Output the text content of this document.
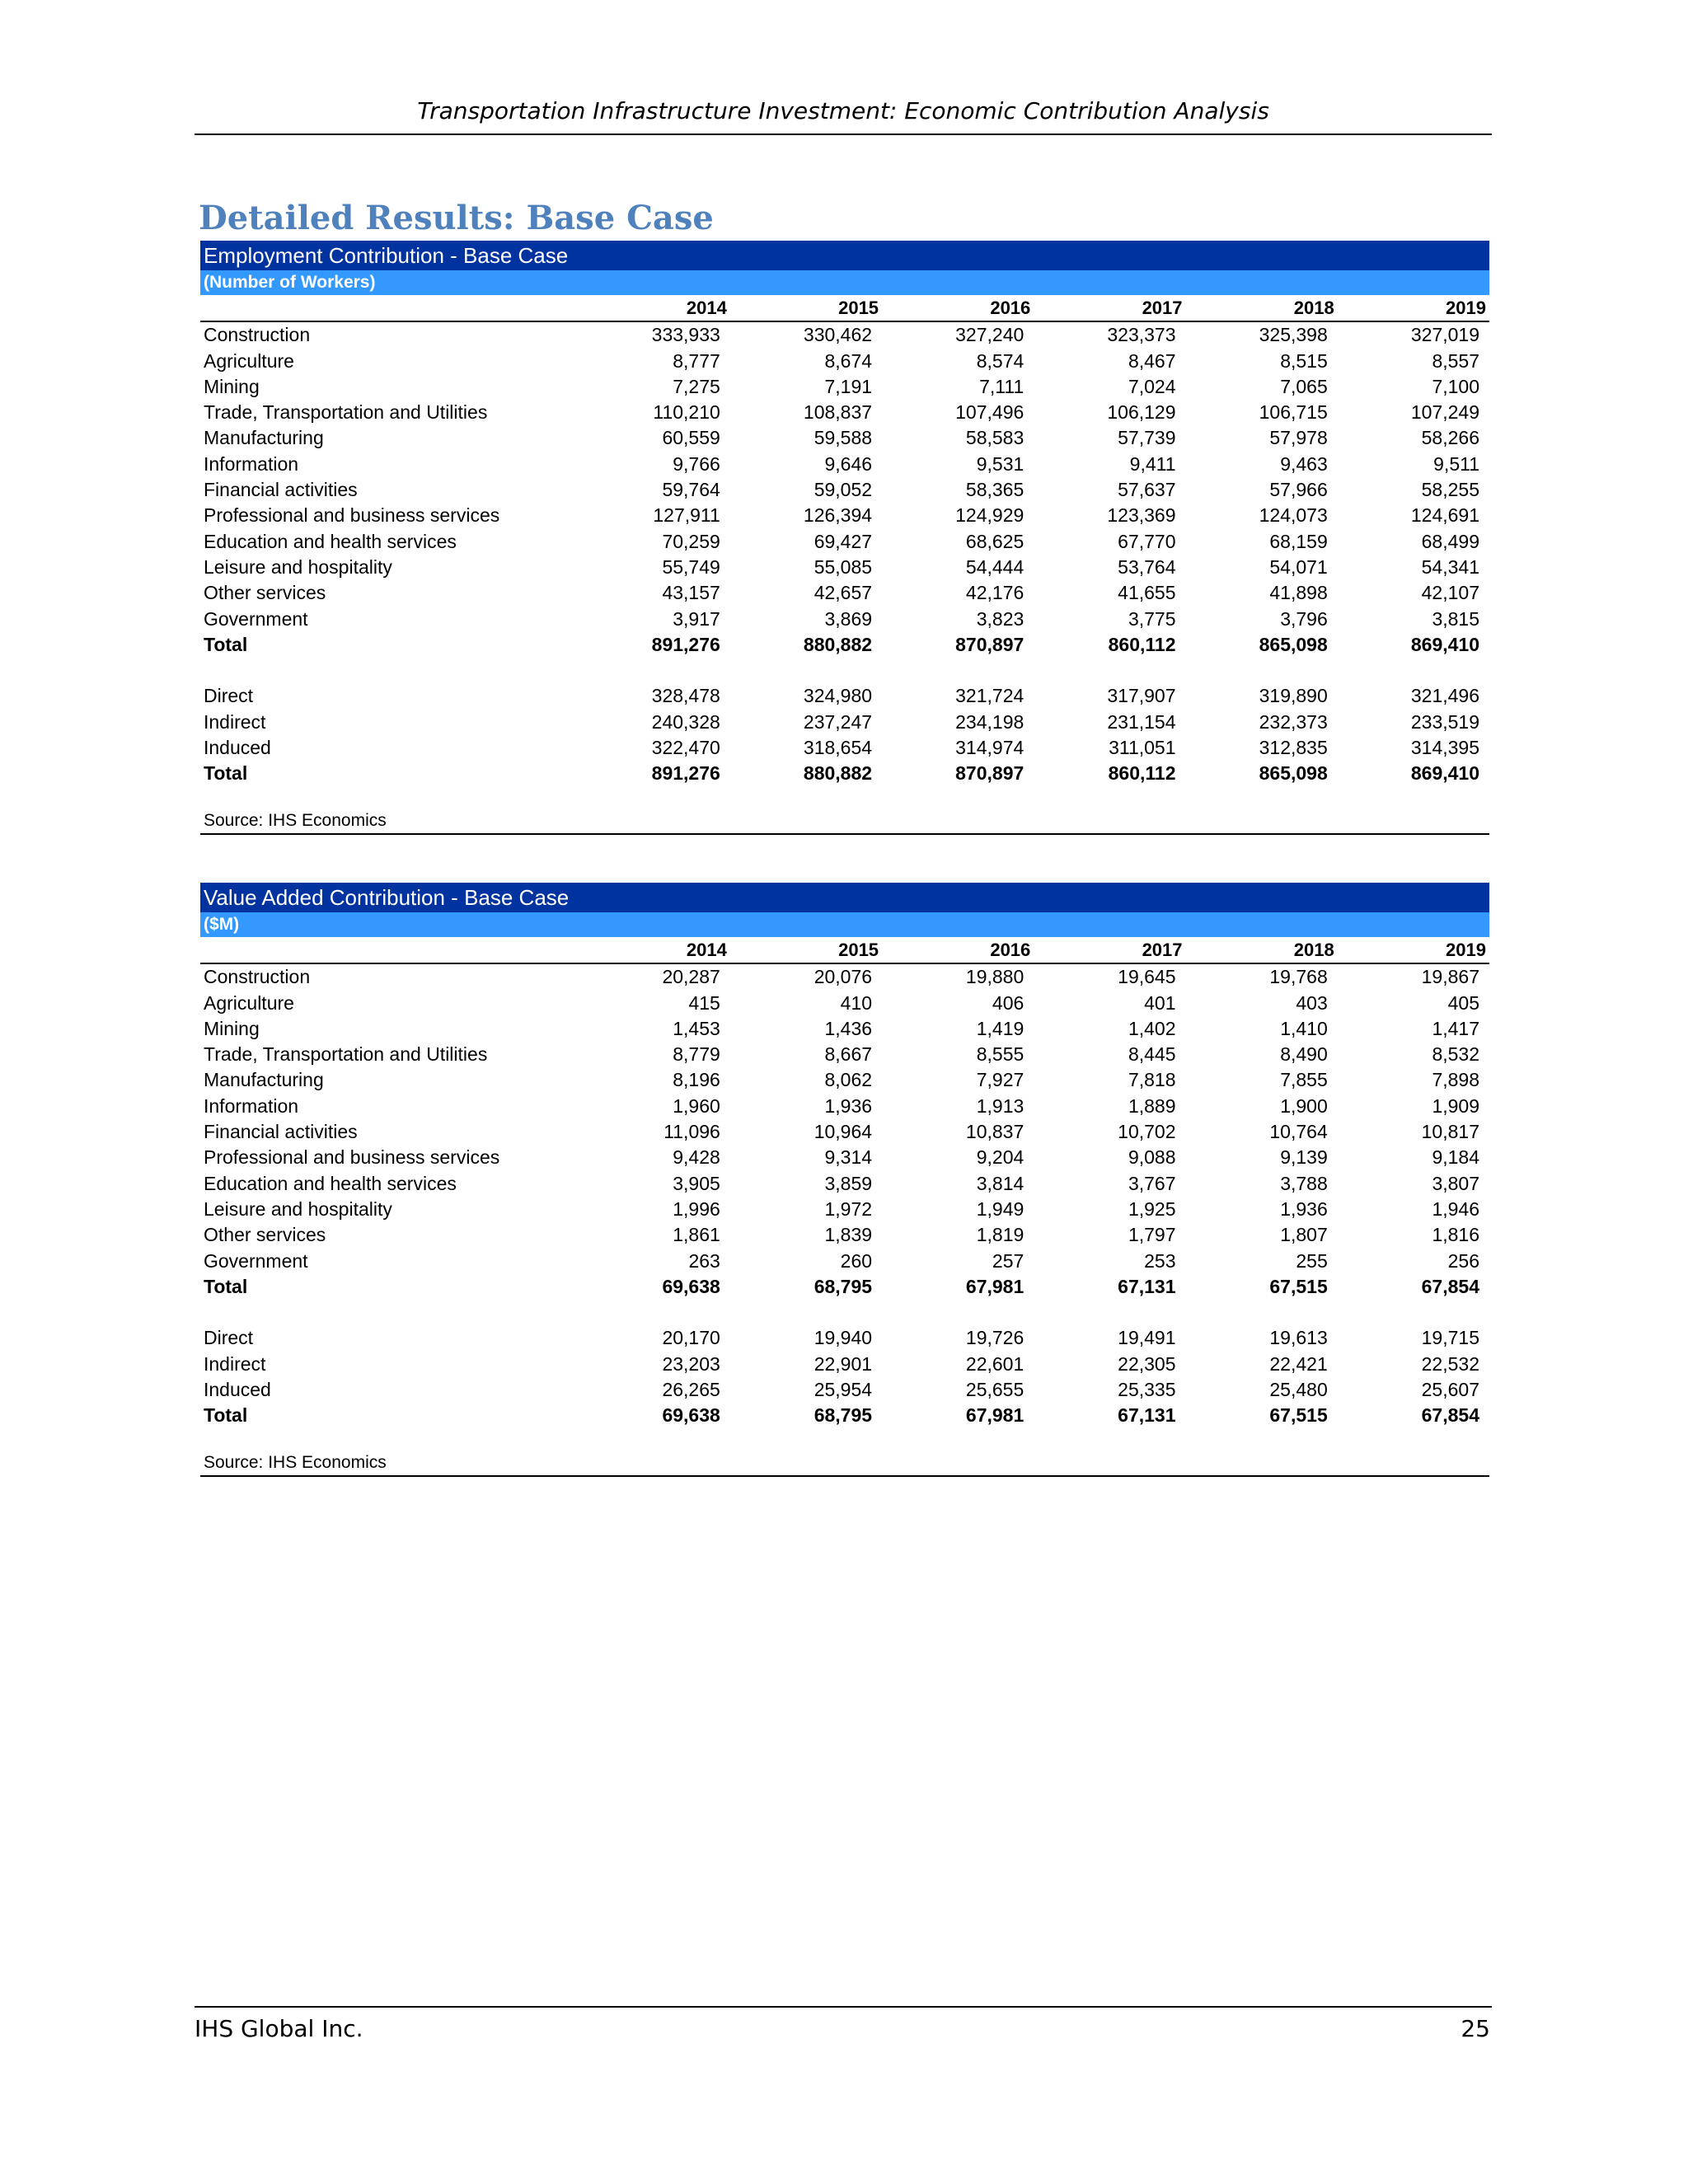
Transportation Infrastructure Investment: Economic Contribution Analysis
Detailed Results: Base Case
Employment Contribution - Base Case
(Number of Workers)
	2014	2015	2016	2017	2018	2019
Construction	333,933	330,462	327,240	323,373	325,398	327,019
Agriculture	8,777	8,674	8,574	8,467	8,515	8,557
Mining	7,275	7,191	7,111	7,024	7,065	7,100
Trade, Transportation and Utilities	110,210	108,837	107,496	106,129	106,715	107,249
Manufacturing	60,559	59,588	58,583	57,739	57,978	58,266
Information	9,766	9,646	9,531	9,411	9,463	9,511
Financial activities	59,764	59,052	58,365	57,637	57,966	58,255
Professional and business services	127,911	126,394	124,929	123,369	124,073	124,691
Education and health services	70,259	69,427	68,625	67,770	68,159	68,499
Leisure and hospitality	55,749	55,085	54,444	53,764	54,071	54,341
Other services	43,157	42,657	42,176	41,655	41,898	42,107
Government	3,917	3,869	3,823	3,775	3,796	3,815
Total	891,276	880,882	870,897	860,112	865,098	869,410

Direct	328,478	324,980	321,724	317,907	319,890	321,496
Indirect	240,328	237,247	234,198	231,154	232,373	233,519
Induced	322,470	318,654	314,974	311,051	312,835	314,395
Total	891,276	880,882	870,897	860,112	865,098	869,410
Source: IHS Economics
Value Added Contribution - Base Case
($M)
	2014	2015	2016	2017	2018	2019
Construction	20,287	20,076	19,880	19,645	19,768	19,867
Agriculture	415	410	406	401	403	405
Mining	1,453	1,436	1,419	1,402	1,410	1,417
Trade, Transportation and Utilities	8,779	8,667	8,555	8,445	8,490	8,532
Manufacturing	8,196	8,062	7,927	7,818	7,855	7,898
Information	1,960	1,936	1,913	1,889	1,900	1,909
Financial activities	11,096	10,964	10,837	10,702	10,764	10,817
Professional and business services	9,428	9,314	9,204	9,088	9,139	9,184
Education and health services	3,905	3,859	3,814	3,767	3,788	3,807
Leisure and hospitality	1,996	1,972	1,949	1,925	1,936	1,946
Other services	1,861	1,839	1,819	1,797	1,807	1,816
Government	263	260	257	253	255	256
Total	69,638	68,795	67,981	67,131	67,515	67,854

Direct	20,170	19,940	19,726	19,491	19,613	19,715
Indirect	23,203	22,901	22,601	22,305	22,421	22,532
Induced	26,265	25,954	25,655	25,335	25,480	25,607
Total	69,638	68,795	67,981	67,131	67,515	67,854
Source: IHS Economics
IHS Global Inc.	25
